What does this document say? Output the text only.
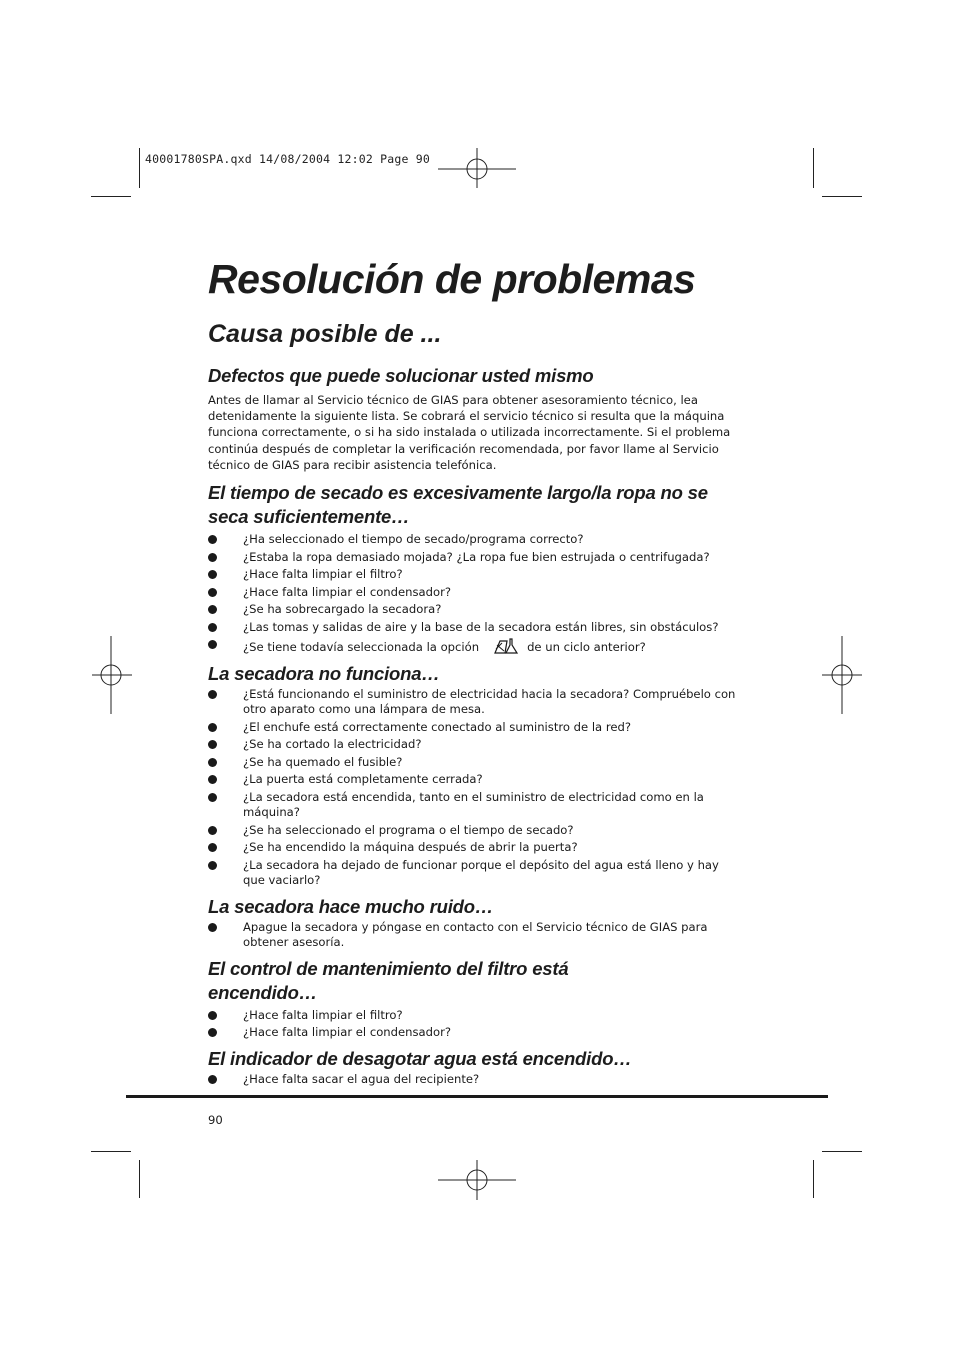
40001780SPA.qxd 14/08/2004 12:02 Page 90
Resolución de problemas
Causa posible de ...
Defectos que puede solucionar usted mismo

Antes de llamar al Servicio técnico de GIAS para obtener asesoramiento técnico, lea detenidamente la siguiente lista. Se cobrará el servicio técnico si resulta que la máquina funciona correctamente, o si ha sido instalada o utilizada incorrectamente. Si el problema continúa después de completar la verificación recomendada, por favor llame al Servicio técnico de GIAS para recibir asistencia telefónica.

El tiempo de secado es excesivamente largo/la ropa no se seca suficientemente…
¿Ha seleccionado el tiempo de secado/programa correcto?
¿Estaba la ropa demasiado mojada? ¿La ropa fue bien estrujada o centrifugada?
¿Hace falta limpiar el filtro?
¿Hace falta limpiar el condensador?
¿Se ha sobrecargado la secadora?
¿Las tomas y salidas de aire y la base de la secadora están libres, sin obstáculos?
¿Se tiene todavía seleccionada la opción	de un ciclo anterior?
La secadora no funciona…
¿Está funcionando el suministro de electricidad hacia la secadora? Compruébelo con otro aparato como una lámpara de mesa.
¿El enchufe está correctamente conectado al suministro de la red?
¿Se ha cortado la electricidad?
¿Se ha quemado el fusible?
¿La puerta está completamente cerrada?
¿La secadora está encendida, tanto en el suministro de electricidad como en la máquina?
¿Se ha seleccionado el programa o el tiempo de secado?
¿Se ha encendido la máquina después de abrir la puerta?
¿La secadora ha dejado de funcionar porque el depósito del agua está lleno y hay que vaciarlo?
La secadora hace mucho ruido…
Apague la secadora y póngase en contacto con el Servicio técnico de GIAS para obtener asesoría.
El control de mantenimiento del filtro está encendido…
¿Hace falta limpiar el filtro?
¿Hace falta limpiar el condensador?
El indicador de desagotar agua está encendido…
¿Hace falta sacar el agua del recipiente?
90
